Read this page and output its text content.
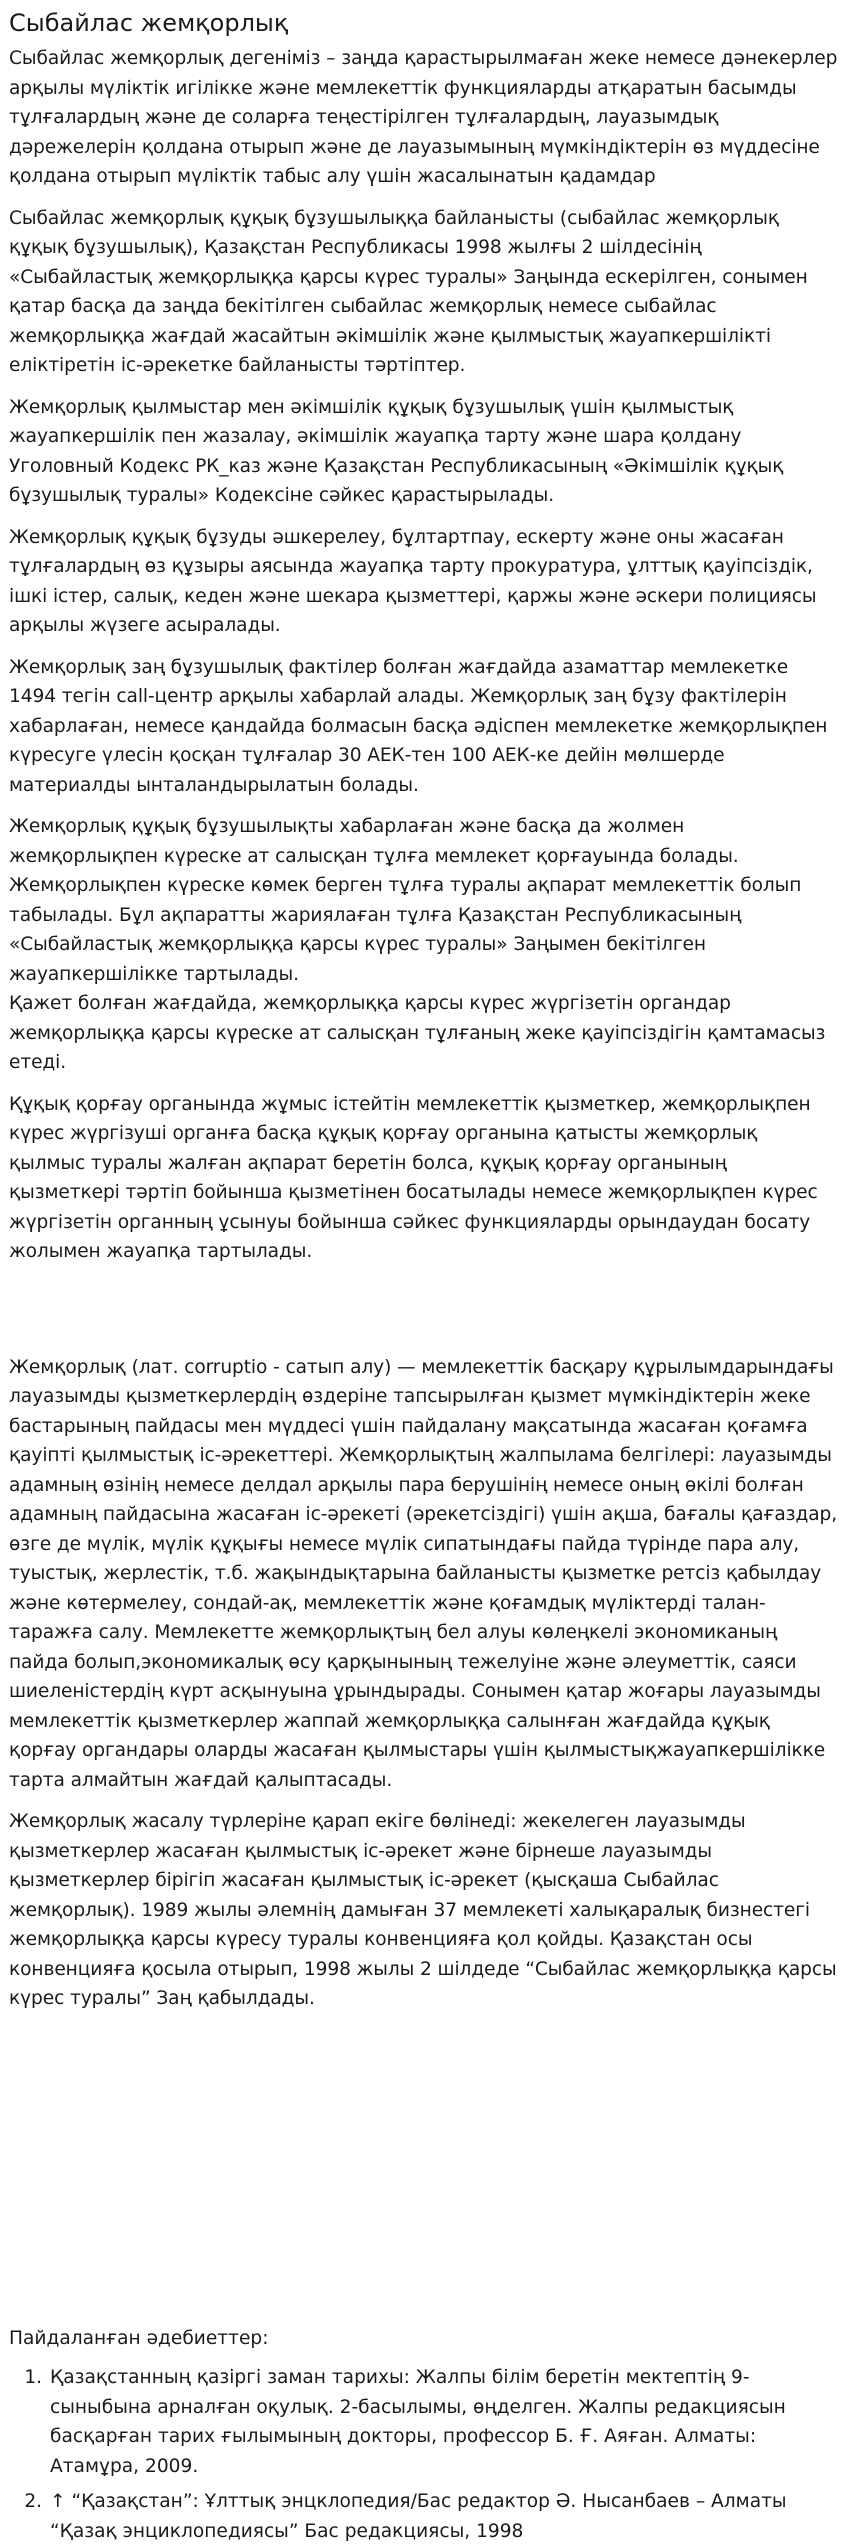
Сыбайлас жемқорлық

Сыбайлас жемқорлық дегеніміз – заңда қарастырылмаған жеке немесе дәнекерлер арқылы мүліктік игілікке және мемлекеттік функцияларды атқаратын басымды тұлғалардың және де соларға теңестірілген тұлғалардың, лауазымдық дәрежелерін қолдана отырып және де лауазымының мүмкіндіктерін өз мүддесіне қолдана отырып мүліктік табыс алу үшін жасалынатын қадамдар

Сыбайлас жемқорлық құқық бұзушылыққа байланысты (сыбайлас жемқорлық құқық бұзушылық), Қазақстан Республикасы 1998 жылғы 2 шілдесінің «Сыбайластық жемқорлыққа қарсы күрес туралы» Заңында ескерілген, сонымен қатар басқа да заңда бекітілген сыбайлас жемқорлық немесе сыбайлас жемқорлыққа жағдай жасайтын әкімшілік және қылмыстық жауапкершілікті еліктіретін іс-әрекетке байланысты тәртіптер.

Жемқорлық қылмыстар мен әкімшілік құқық бұзушылық үшін қылмыстық жауапкершілік пен жазалау, әкімшілік жауапқа тарту және шара қолдану Уголовный Кодекс РК_каз және Қазақстан Республикасының «Әкімшілік құқық бұзушылық туралы» Кодексіне сәйкес қарастырылады.

Жемқорлық құқық бұзуды әшкерелеу, бұлтартпау, ескерту және оны жасаған тұлғалардың өз құзыры аясында жауапқа тарту прокуратура, ұлттық қауіпсіздік, ішкі істер, салық, кеден және шекара қызметтері, қаржы және әскери полициясы арқылы жүзеге асыралады.

Жемқорлық заң бұзушылық фактілер болған жағдайда азаматтар мемлекетке 1494 тегін call-центр арқылы хабарлай алады. Жемқорлық заң бұзу фактілерін хабарлаған, немесе қандайда болмасын басқа әдіспен мемлекетке жемқорлықпен күресуге үлесін қосқан тұлғалар 30 АЕК-тен 100 АЕК-ке дейін мөлшерде материалды ынталандырылатын болады.

Жемқорлық құқық бұзушылықты хабарлаған және басқа да жолмен жемқорлықпен күреске ат салысқан тұлға мемлекет қорғауында болады. Жемқорлықпен күреске көмек берген тұлға туралы ақпарат мемлекеттік болып табылады. Бұл ақпаратты жариялаған тұлға Қазақстан Республикасының «Сыбайластық жемқорлыққа қарсы күрес туралы» Заңымен бекітілген жауапкершілікке тартылады.

Қажет болған жағдайда, жемқорлыққа қарсы күрес жүргізетін органдар жемқорлыққа қарсы күреске ат салысқан тұлғаның жеке қауіпсіздігін қамтамасыз етеді.

Құқық қорғау органында жұмыс істейтін мемлекеттік қызметкер, жемқорлықпен күрес жүргізуші органға басқа құқық қорғау органына қатысты жемқорлық қылмыс туралы жалған ақпарат беретін болса, құқық қорғау органының қызметкері тәртіп бойынша қызметінен босатылады немесе жемқорлықпен күрес жүргізетін органның ұсынуы бойынша сәйкес функцияларды орындаудан босату жолымен жауапқа тартылады.

Жемқорлық (лат. corruptio - сатып алу) — мемлекеттік басқару құрылымдарындағы лауазымды қызметкерлердің өздеріне тапсырылған қызмет мүмкіндіктерін жеке бастарының пайдасы мен мүддесі үшін пайдалану мақсатында жасаған қоғамға қауіпті қылмыстық іс-әрекеттері. Жемқорлықтың жалпылама белгілері: лауазымды адамның өзінің немесе делдал арқылы пара берушінің немесе оның өкілі болған адамның пайдасына жасаған іс-әрекеті (әрекетсіздігі) үшін ақша, бағалы қағаздар, өзге де мүлік, мүлік құқығы немесе мүлік сипатындағы пайда түрінде пара алу, туыстық, жерлестік, т.б. жақындықтарына байланысты қызметке ретсіз қабылдау және көтермелеу, сондай-ақ, мемлекеттік және қоғамдық мүліктерді талан-таражға салу. Мемлекетте жемқорлықтың бел алуы көлеңкелі экономиканың пайда болып,экономикалық өсу қарқынының тежелуіне және әлеуметтік, саяси шиеленістердің күрт асқынуына ұрындырады. Сонымен қатар жоғары лауазымды мемлекеттік қызметкерлер жаппай жемқорлыққа салынған жағдайда құқық қорғау органдары оларды жасаған қылмыстары үшін қылмыстықжауапкершілікке тарта алмайтын жағдай қалыптасады.

Жемқорлық жасалу түрлеріне қарап екіге бөлінеді: жекелеген лауазымды қызметкерлер жасаған қылмыстық іс-әрекет және бірнеше лауазымды қызметкерлер бірігіп жасаған қылмыстық іс-әрекет (қысқаша Сыбайлас жемқорлық). 1989 жылы әлемнің дамыған 37 мемлекеті халықаралық бизнестегі жемқорлыққа қарсы күресу туралы конвенцияға қол қойды. Қазақстан осы конвенцияға қосыла отырып, 1998 жылы 2 шілдеде “Сыбайлас жемқорлыққа қарсы күрес туралы” Заң қабылдады.

Пайдаланған әдебиеттер:
1. Қазақстанның қазіргі заман тарихы: Жалпы білім беретін мектептің 9-сыныбына арналған оқулық. 2-басылымы, өңделген. Жалпы редакциясын басқарған тарих ғылымының докторы, профессор Б. Ғ. Аяған. Алматы: Атамұра, 2009.
2. ↑ “Қазақстан”: Ұлттық энцклопедия/Бас редактор Ә. Нысанбаев – Алматы “Қазақ энциклопедиясы” Бас редакциясы, 1998
